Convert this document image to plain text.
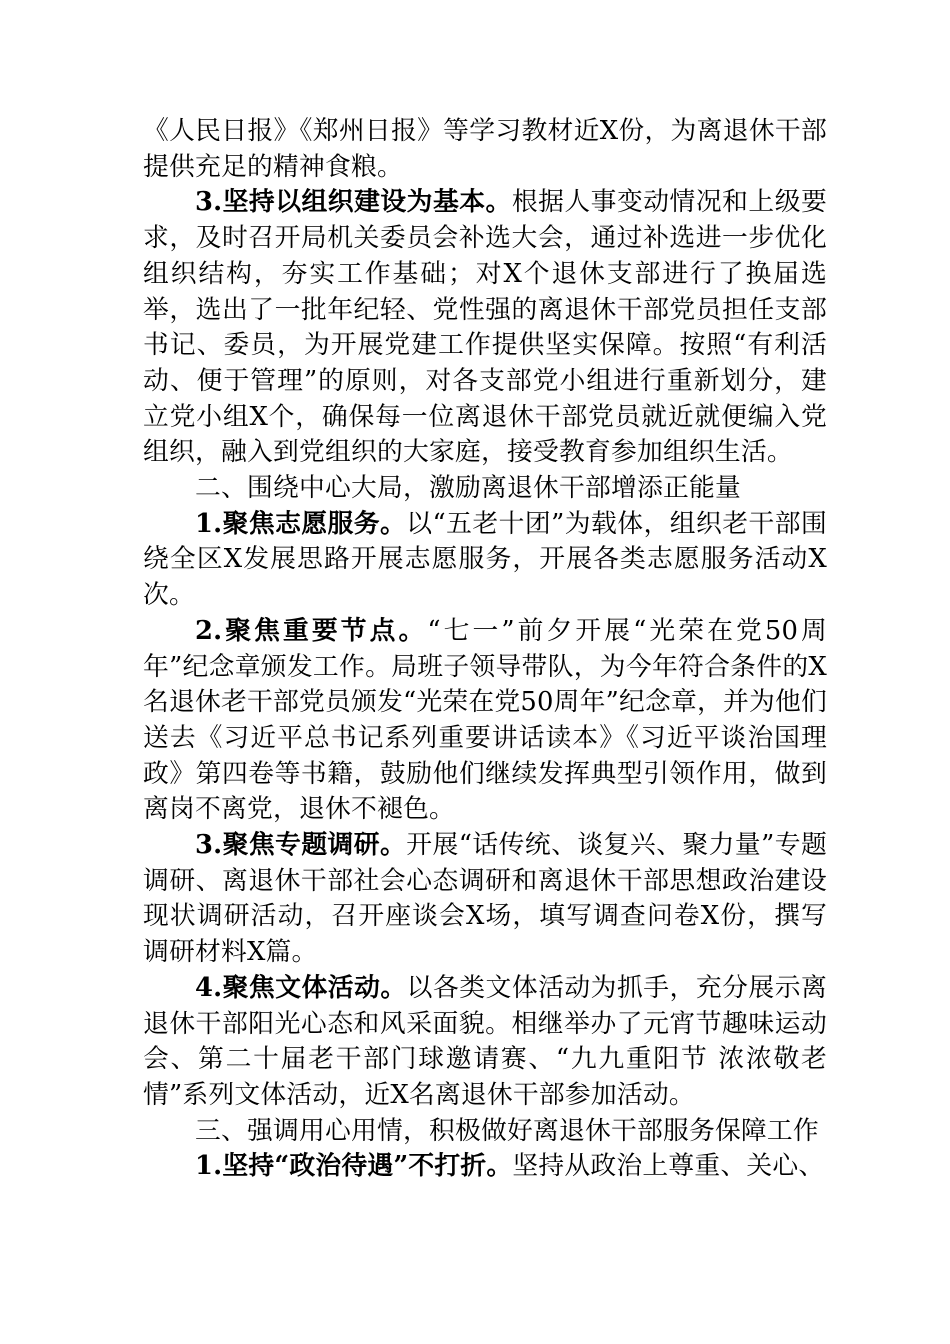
《人民日报》《郑州日报》等学习教材近X份，为离退休干部提供充足的精神食粮。

3.坚持以组织建设为基本。根据人事变动情况和上级要求，及时召开局机关委员会补选大会，通过补选进一步优化组织结构，夯实工作基础；对X个退休支部进行了换届选举，选出了一批年纪轻、党性强的离退休干部党员担任支部书记、委员，为开展党建工作提供坚实保障。按照“有利活动、便于管理”的原则，对各支部党小组进行重新划分，建立党小组X个，确保每一位离退休干部党员就近就便编入党组织，融入到党组织的大家庭，接受教育参加组织生活。

二、围绕中心大局，激励离退休干部增添正能量

1.聚焦志愿服务。以“五老十团”为载体，组织老干部围绕全区X发展思路开展志愿服务，开展各类志愿服务活动X次。

2.聚焦重要节点。“七一”前夕开展“光荣在党50周年”纪念章颁发工作。局班子领导带队，为今年符合条件的X名退休老干部党员颁发“光荣在党50周年”纪念章，并为他们送去《习近平总书记系列重要讲话读本》《习近平谈治国理政》第四卷等书籍，鼓励他们继续发挥典型引领作用，做到离岗不离党，退休不褪色。

3.聚焦专题调研。开展“话传统、谈复兴、聚力量”专题调研、离退休干部社会心态调研和离退休干部思想政治建设现状调研活动，召开座谈会X场，填写调查问卷X份，撰写调研材料X篇。

4.聚焦文体活动。以各类文体活动为抓手，充分展示离退休干部阳光心态和风采面貌。相继举办了元宵节趣味运动会、第二十届老干部门球邀请赛、“九九重阳节 浓浓敬老情”系列文体活动，近X名离退休干部参加活动。

三、强调用心用情，积极做好离退休干部服务保障工作

1.坚持“政治待遇”不打折。坚持从政治上尊重、关心、
